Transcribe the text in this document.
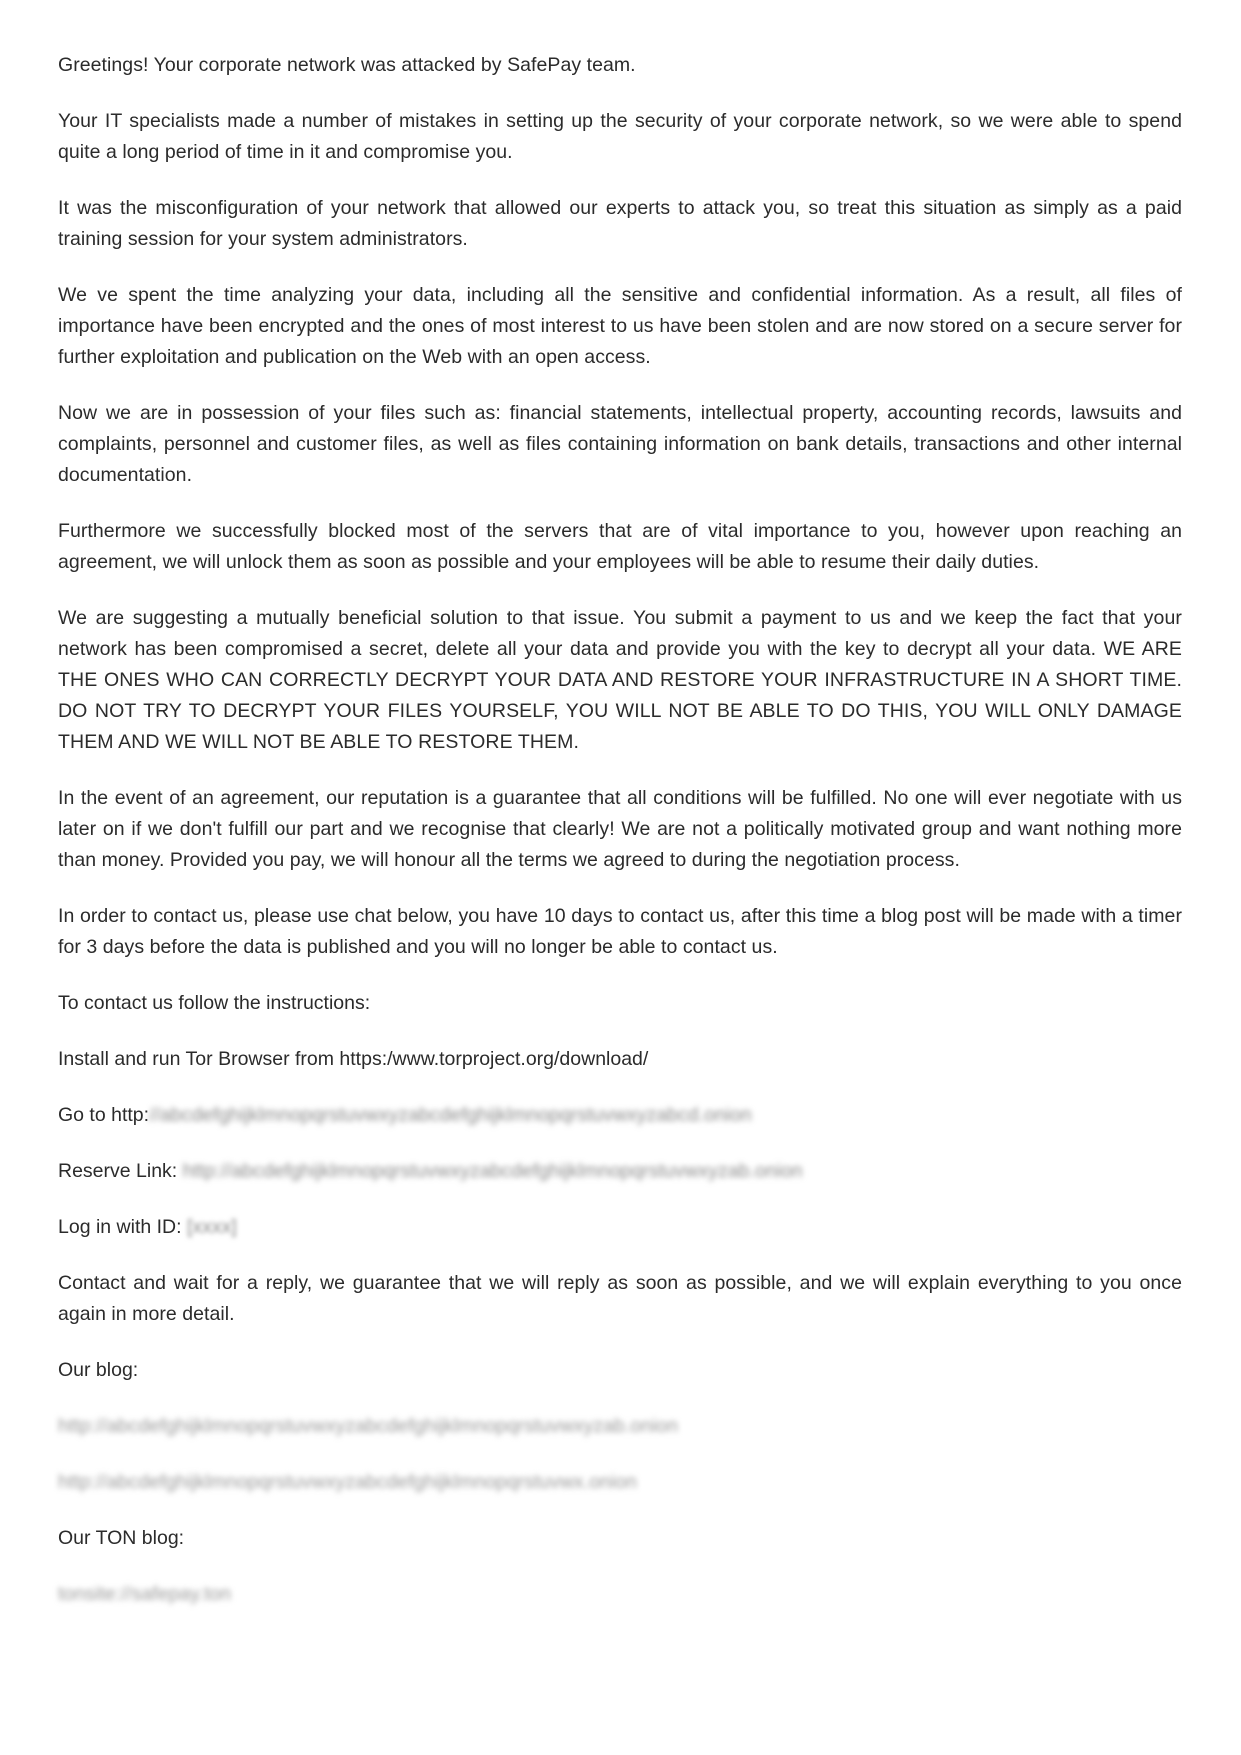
Greetings! Your corporate network was attacked by SafePay team.

Your IT specialists made a number of mistakes in setting up the security of your corporate network, so we were able to spend quite a long period of time in it and compromise you.

It was the misconfiguration of your network that allowed our experts to attack you, so treat this situation as simply as a paid training session for your system administrators.

We ve spent the time analyzing your data, including all the sensitive and confidential information. As a result, all files of importance have been encrypted and the ones of most interest to us have been stolen and are now stored on a secure server for further exploitation and publication on the Web with an open access.

Now we are in possession of your files such as: financial statements, intellectual property, accounting records, lawsuits and complaints, personnel and customer files, as well as files containing information on bank details, transactions and other internal documentation.

Furthermore we successfully blocked most of the servers that are of vital importance to you, however upon reaching an agreement, we will unlock them as soon as possible and your employees will be able to resume their daily duties.

We are suggesting a mutually beneficial solution to that issue. You submit a payment to us and we keep the fact that your network has been compromised a secret, delete all your data and provide you with the key to decrypt all your data. WE ARE THE ONES WHO CAN CORRECTLY DECRYPT YOUR DATA AND RESTORE YOUR INFRASTRUCTURE IN A SHORT TIME. DO NOT TRY TO DECRYPT YOUR FILES YOURSELF, YOU WILL NOT BE ABLE TO DO THIS, YOU WILL ONLY DAMAGE THEM AND WE WILL NOT BE ABLE TO RESTORE THEM.

In the event of an agreement, our reputation is a guarantee that all conditions will be fulfilled. No one will ever negotiate with us later on if we don't fulfill our part and we recognise that clearly! We are not a politically motivated group and want nothing more than money. Provided you pay, we will honour all the terms we agreed to during the negotiation process.

In order to contact us, please use chat below, you have 10 days to contact us, after this time a blog post will be made with a timer for 3 days before the data is published and you will no longer be able to contact us.

To contact us follow the instructions:

Install and run Tor Browser from https:/www.torproject.org/download/

Go to http://abcdefghijklmnopqrstuvwxyzabcdefghijklmnopqrstuvwxyzabcd.onion

Reserve Link: http://abcdefghijklmnopqrstuvwxyzabcdefghijklmnopqrstuvwxyzab.onion

Log in with ID: [xxxx]

Contact and wait for a reply, we guarantee that we will reply as soon as possible, and we will explain everything to you once again in more detail.

Our blog:

http://abcdefghijklmnopqrstuvwxyzabcdefghijklmnopqrstuvwxyzab.onion

http://abcdefghijklmnopqrstuvwxyzabcdefghijklmnopqrstuvwx.onion

Our TON blog:

tonsite://safepay.ton
